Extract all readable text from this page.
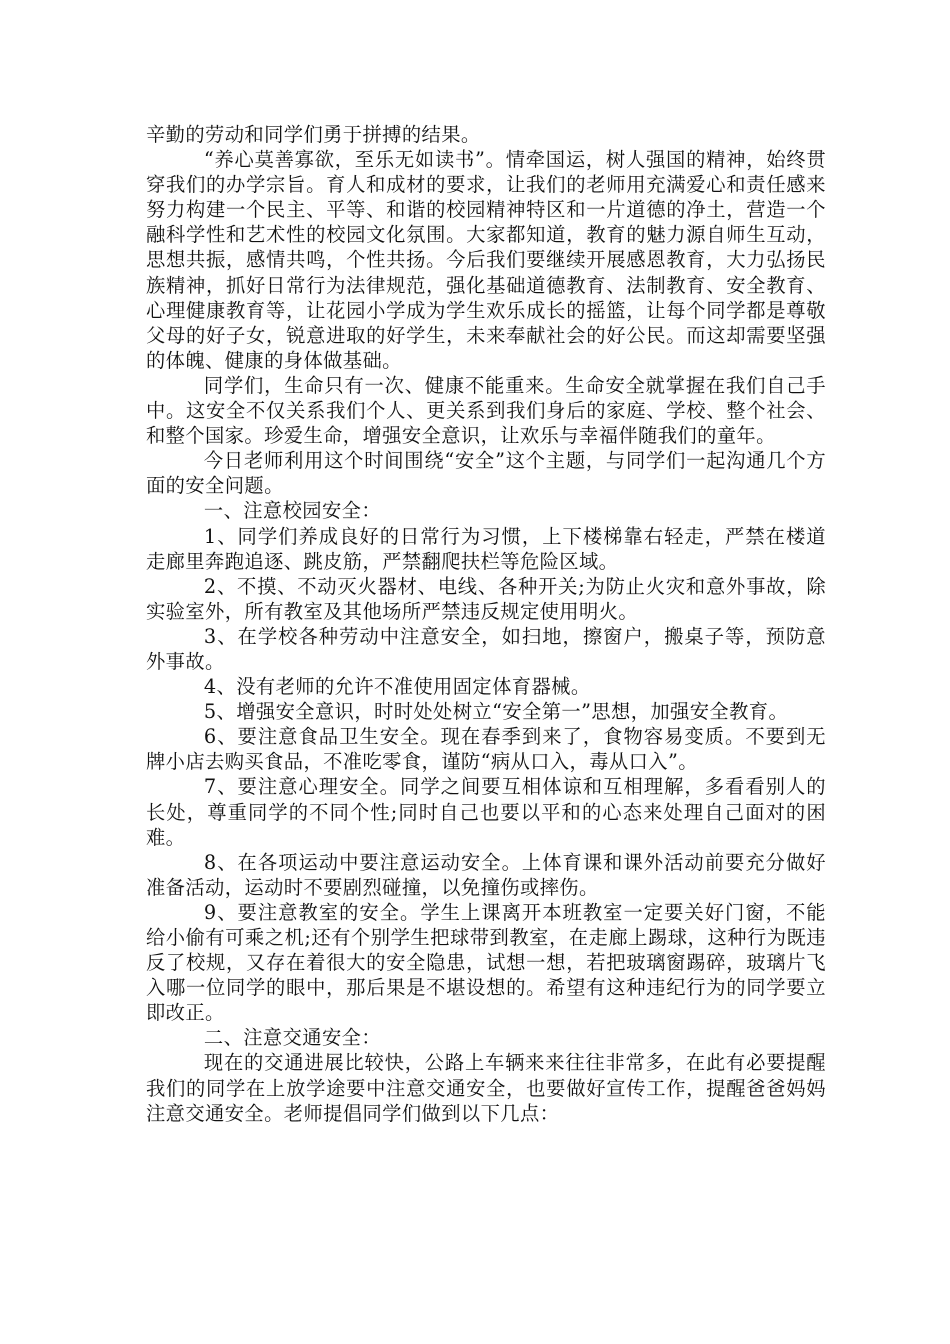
辛勤的劳动和同学们勇于拼搏的结果。

“养心莫善寡欲，至乐无如读书”。情牵国运，树人强国的精神，始终贯穿我们的办学宗旨。育人和成材的要求，让我们的老师用充满爱心和责任感来努力构建一个民主、平等、和谐的校园精神特区和一片道德的净土，营造一个融科学性和艺术性的校园文化氛围。大家都知道，教育的魅力源自师生互动，思想共振，感情共鸣，个性共扬。今后我们要继续开展感恩教育，大力弘扬民族精神，抓好日常行为法律规范，强化基础道德教育、法制教育、安全教育、心理健康教育等，让花园小学成为学生欢乐成长的摇篮，让每个同学都是尊敬父母的好子女，锐意进取的好学生，未来奉献社会的好公民。而这却需要坚强的体魄、健康的身体做基础。

同学们，生命只有一次、健康不能重来。生命安全就掌握在我们自己手中。这安全不仅关系我们个人、更关系到我们身后的家庭、学校、整个社会、和整个国家。珍爱生命，增强安全意识，让欢乐与幸福伴随我们的童年。

今日老师利用这个时间围绕“安全”这个主题，与同学们一起沟通几个方面的安全问题。

一、注意校园安全：

1、同学们养成良好的日常行为习惯，上下楼梯靠右轻走，严禁在楼道走廊里奔跑追逐、跳皮筋，严禁翻爬扶栏等危险区域。

2、不摸、不动灭火器材、电线、各种开关;为防止火灾和意外事故，除实验室外，所有教室及其他场所严禁违反规定使用明火。

3、在学校各种劳动中注意安全，如扫地，擦窗户，搬桌子等，预防意外事故。

4、没有老师的允许不准使用固定体育器械。

5、增强安全意识，时时处处树立“安全第一”思想，加强安全教育。

6、要注意食品卫生安全。现在春季到来了，食物容易变质。不要到无牌小店去购买食品，不准吃零食，谨防“病从口入，毒从口入”。

7、要注意心理安全。同学之间要互相体谅和互相理解，多看看别人的长处，尊重同学的不同个性;同时自己也要以平和的心态来处理自己面对的困难。

8、在各项运动中要注意运动安全。上体育课和课外活动前要充分做好准备活动，运动时不要剧烈碰撞，以免撞伤或摔伤。

9、要注意教室的安全。学生上课离开本班教室一定要关好门窗，不能给小偷有可乘之机;还有个别学生把球带到教室，在走廊上踢球，这种行为既违反了校规，又存在着很大的安全隐患，试想一想，若把玻璃窗踢碎，玻璃片飞入哪一位同学的眼中，那后果是不堪设想的。希望有这种违纪行为的同学要立即改正。

二、注意交通安全：

现在的交通进展比较快，公路上车辆来来往往非常多，在此有必要提醒我们的同学在上放学途要中注意交通安全，也要做好宣传工作，提醒爸爸妈妈注意交通安全。老师提倡同学们做到以下几点：
